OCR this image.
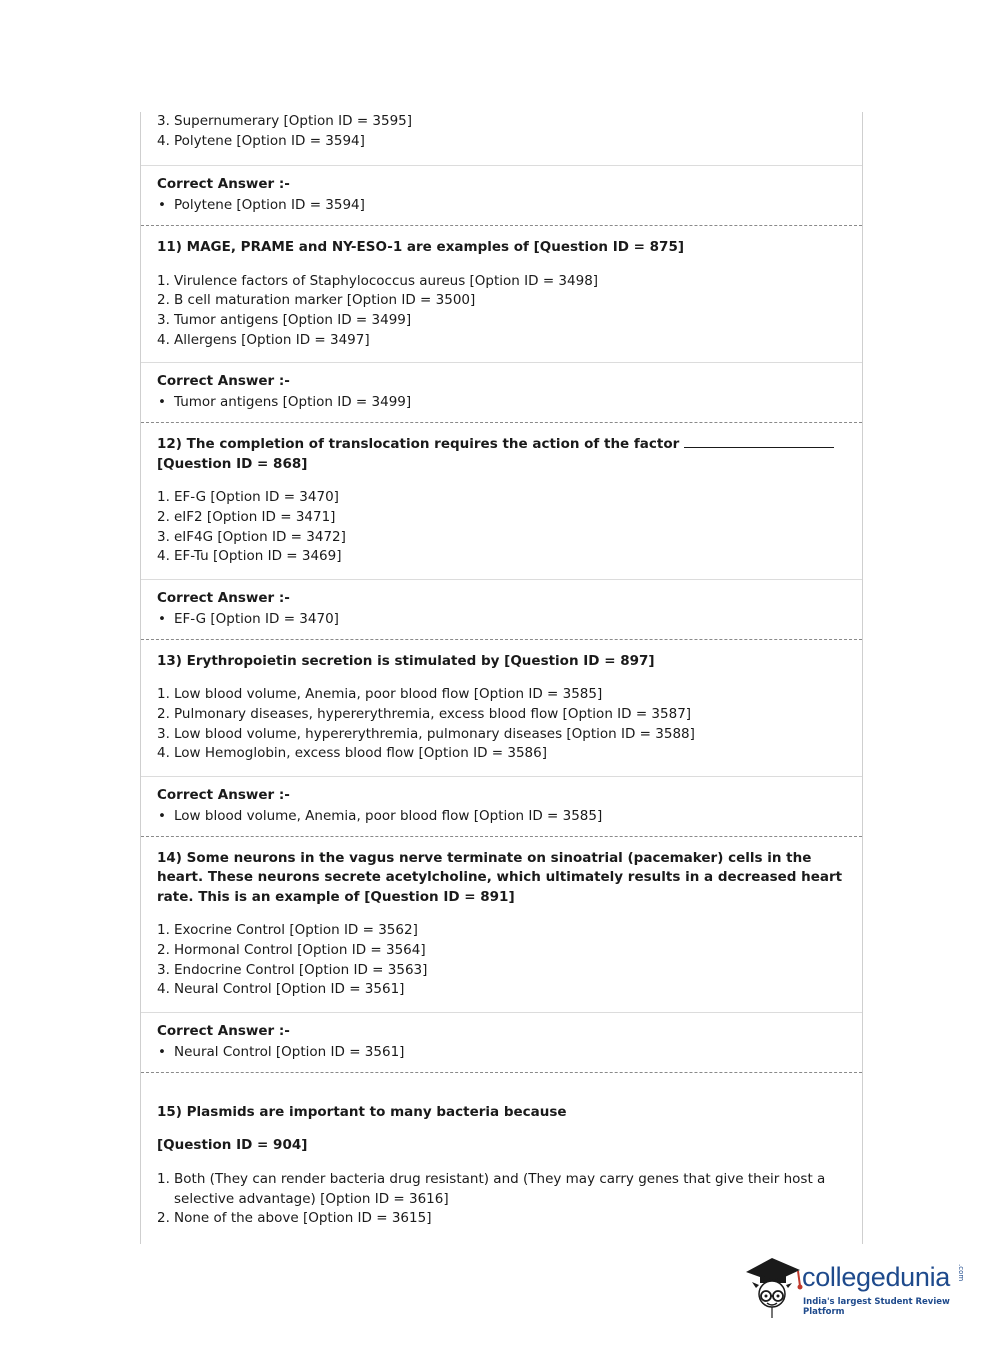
3. Supernumerary [Option ID = 3595]
4. Polytene [Option ID = 3594]
Correct Answer :-
• Polytene [Option ID = 3594]
11) MAGE, PRAME and NY-ESO-1 are examples of [Question ID = 875]
1. Virulence factors of Staphylococcus aureus [Option ID = 3498]
2. B cell maturation marker [Option ID = 3500]
3. Tumor antigens [Option ID = 3499]
4. Allergens [Option ID = 3497]
Correct Answer :-
• Tumor antigens [Option ID = 3499]
12) The completion of translocation requires the action of the factor
[Question ID = 868]
1. EF-G [Option ID = 3470]
2. eIF2 [Option ID = 3471]
3. eIF4G [Option ID = 3472]
4. EF-Tu [Option ID = 3469]
Correct Answer :-
• EF-G [Option ID = 3470]
13) Erythropoietin secretion is stimulated by [Question ID = 897]
1. Low blood volume, Anemia, poor blood flow [Option ID = 3585]
2. Pulmonary diseases, hypererythremia, excess blood flow [Option ID = 3587]
3. Low blood volume, hypererythremia, pulmonary diseases [Option ID = 3588]
4. Low Hemoglobin, excess blood flow [Option ID = 3586]
Correct Answer :-
• Low blood volume, Anemia, poor blood flow [Option ID = 3585]
14) Some neurons in the vagus nerve terminate on sinoatrial (pacemaker) cells in the heart. These neurons secrete acetylcholine, which ultimately results in a decreased heart rate. This is an example of [Question ID = 891]
1. Exocrine Control [Option ID = 3562]
2. Hormonal Control [Option ID = 3564]
3. Endocrine Control [Option ID = 3563]
4. Neural Control [Option ID = 3561]
Correct Answer :-
• Neural Control [Option ID = 3561]
15) Plasmids are important to many bacteria because
[Question ID = 904]
1. Both (They can render bacteria drug resistant) and (They may carry genes that give their host a selective advantage) [Option ID = 3616]
2. None of the above [Option ID = 3615]
collegedunia .com
India's largest Student Review Platform
